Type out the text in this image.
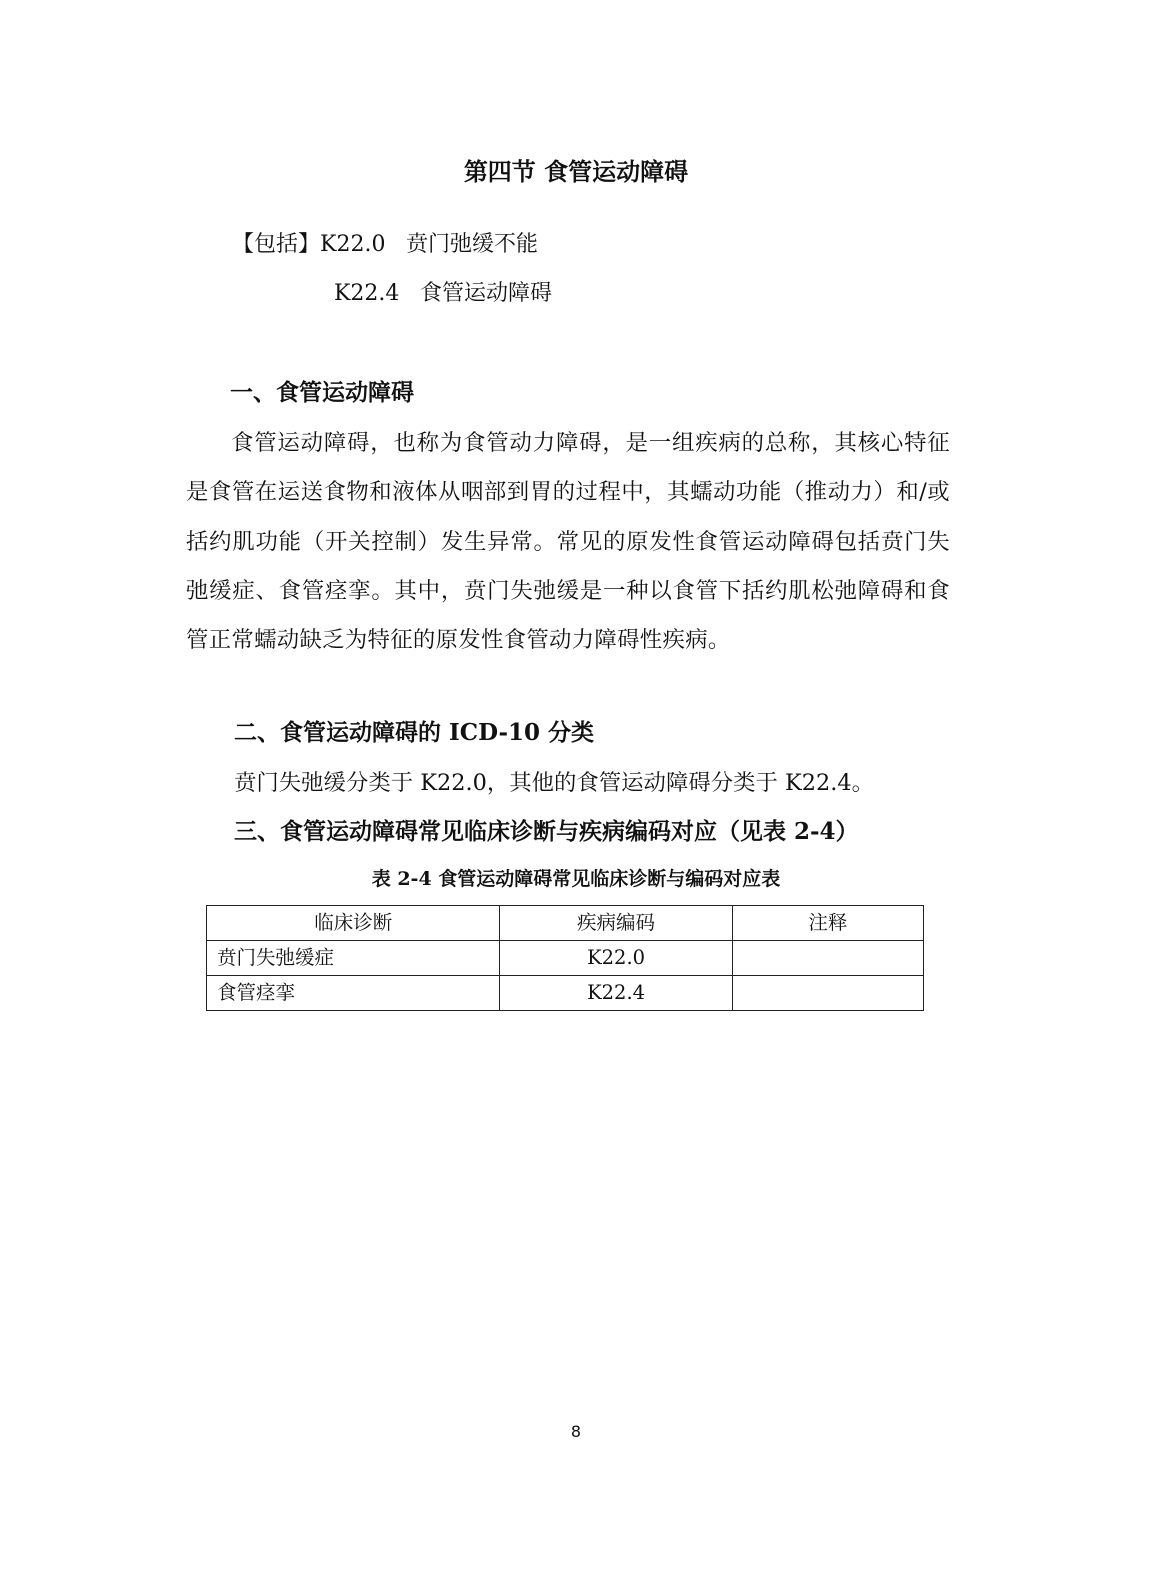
第四节 食管运动障碍
【包括】K22.0 贲门弛缓不能
K22.4 食管运动障碍
一、食管运动障碍
食管运动障碍，也称为食管动力障碍，是一组疾病的总称，其核心特征是食管在运送食物和液体从咽部到胃的过程中，其蠕动功能（推动力）和/或括约肌功能（开关控制）发生异常。常见的原发性食管运动障碍包括贲门失弛缓症、食管痉挛。其中，贲门失弛缓是一种以食管下括约肌松弛障碍和食管正常蠕动缺乏为特征的原发性食管动力障碍性疾病。
二、食管运动障碍的 ICD-10 分类
贲门失弛缓分类于 K22.0，其他的食管运动障碍分类于 K22.4。
三、食管运动障碍常见临床诊断与疾病编码对应（见表 2-4）
表 2-4 食管运动障碍常见临床诊断与编码对应表
临床诊断	疾病编码	注释
贲门失弛缓症	K22.0	
食管痉挛	K22.4	
8
